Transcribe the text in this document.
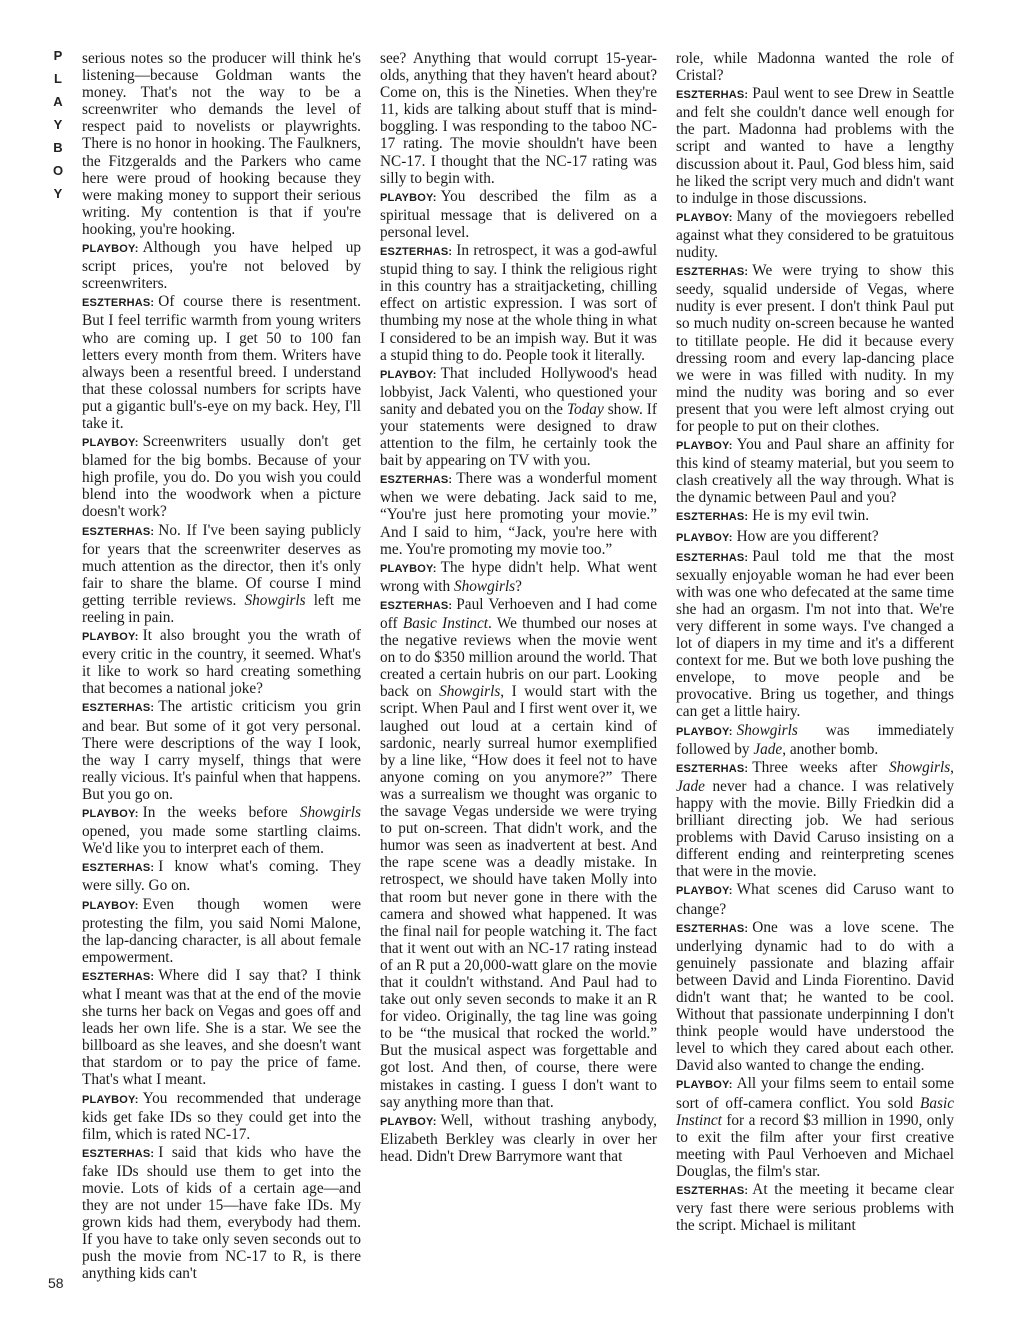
P
L
A
Y
B
O
Y

serious notes so the producer will think he's listening—because Goldman wants the money. That's not the way to be a screenwriter who demands the level of respect paid to novelists or playwrights. There is no honor in hooking. The Faulkners, the Fitzgeralds and the Parkers who came here were proud of hooking because they were making money to support their serious writing. My contention is that if you're hooking, you're hooking.

PLAYBOY: Although you have helped up script prices, you're not beloved by screenwriters.

ESZTERHAS: Of course there is resentment. But I feel terrific warmth from young writers who are coming up. I get 50 to 100 fan letters every month from them. Writers have always been a resentful breed. I understand that these colossal numbers for scripts have put a gigantic bull's-eye on my back. Hey, I'll take it.

PLAYBOY: Screenwriters usually don't get blamed for the big bombs. Because of your high profile, you do. Do you wish you could blend into the woodwork when a picture doesn't work?

ESZTERHAS: No. If I've been saying publicly for years that the screenwriter deserves as much attention as the director, then it's only fair to share the blame. Of course I mind getting terrible reviews. Showgirls left me reeling in pain.

PLAYBOY: It also brought you the wrath of every critic in the country, it seemed. What's it like to work so hard creating something that becomes a national joke?

ESZTERHAS: The artistic criticism you grin and bear. But some of it got very personal. There were descriptions of the way I look, the way I carry myself, things that were really vicious. It's painful when that happens. But you go on.

PLAYBOY: In the weeks before Showgirls opened, you made some startling claims. We'd like you to interpret each of them.

ESZTERHAS: I know what's coming. They were silly. Go on.

PLAYBOY: Even though women were protesting the film, you said Nomi Malone, the lap-dancing character, is all about female empowerment.

ESZTERHAS: Where did I say that? I think what I meant was that at the end of the movie she turns her back on Vegas and goes off and leads her own life. She is a star. We see the billboard as she leaves, and she doesn't want that stardom or to pay the price of fame. That's what I meant.

PLAYBOY: You recommended that underage kids get fake IDs so they could get into the film, which is rated NC-17.

ESZTERHAS: I said that kids who have the fake IDs should use them to get into the movie. Lots of kids of a certain age—and they are not under 15—have fake IDs. My grown kids had them, everybody had them. If you have to take only seven seconds out to push the movie from NC-17 to R, is there anything kids can't

see? Anything that would corrupt 15-year-olds, anything that they haven't heard about? Come on, this is the Nineties. When they're 11, kids are talking about stuff that is mind-boggling. I was responding to the taboo NC-17 rating. The movie shouldn't have been NC-17. I thought that the NC-17 rating was silly to begin with.

PLAYBOY: You described the film as a spiritual message that is delivered on a personal level.

ESZTERHAS: In retrospect, it was a god-awful stupid thing to say. I think the religious right in this country has a straitjacketing, chilling effect on artistic expression. I was sort of thumbing my nose at the whole thing in what I considered to be an impish way. But it was a stupid thing to do. People took it literally.

PLAYBOY: That included Hollywood's head lobbyist, Jack Valenti, who questioned your sanity and debated you on the Today show. If your statements were designed to draw attention to the film, he certainly took the bait by appearing on TV with you.

ESZTERHAS: There was a wonderful moment when we were debating. Jack said to me, “You're just here promoting your movie.” And I said to him, “Jack, you're here with me. You're promoting my movie too.”

PLAYBOY: The hype didn't help. What went wrong with Showgirls?

ESZTERHAS: Paul Verhoeven and I had come off Basic Instinct. We thumbed our noses at the negative reviews when the movie went on to do $350 million around the world. That created a certain hubris on our part. Looking back on Showgirls, I would start with the script. When Paul and I first went over it, we laughed out loud at a certain kind of sardonic, nearly surreal humor exemplified by a line like, “How does it feel not to have anyone coming on you anymore?” There was a surrealism we thought was organic to the savage Vegas underside we were trying to put on-screen. That didn't work, and the humor was seen as inadvertent at best. And the rape scene was a deadly mistake. In retrospect, we should have taken Molly into that room but never gone in there with the camera and showed what happened. It was the final nail for people watching it. The fact that it went out with an NC-17 rating instead of an R put a 20,000-watt glare on the movie that it couldn't withstand. And Paul had to take out only seven seconds to make it an R for video. Originally, the tag line was going to be “the musical that rocked the world.” But the musical aspect was forgettable and got lost. And then, of course, there were mistakes in casting. I guess I don't want to say anything more than that.

PLAYBOY: Well, without trashing anybody, Elizabeth Berkley was clearly in over her head. Didn't Drew Barrymore want that

role, while Madonna wanted the role of Cristal?

ESZTERHAS: Paul went to see Drew in Seattle and felt she couldn't dance well enough for the part. Madonna had problems with the script and wanted to have a lengthy discussion about it. Paul, God bless him, said he liked the script very much and didn't want to indulge in those discussions.

PLAYBOY: Many of the moviegoers rebelled against what they considered to be gratuitous nudity.

ESZTERHAS: We were trying to show this seedy, squalid underside of Vegas, where nudity is ever present. I don't think Paul put so much nudity on-screen because he wanted to titillate people. He did it because every dressing room and every lap-dancing place we were in was filled with nudity. In my mind the nudity was boring and so ever present that you were left almost crying out for people to put on their clothes.

PLAYBOY: You and Paul share an affinity for this kind of steamy material, but you seem to clash creatively all the way through. What is the dynamic between Paul and you?

ESZTERHAS: He is my evil twin.

PLAYBOY: How are you different?

ESZTERHAS: Paul told me that the most sexually enjoyable woman he had ever been with was one who defecated at the same time she had an orgasm. I'm not into that. We're very different in some ways. I've changed a lot of diapers in my time and it's a different context for me. But we both love pushing the envelope, to move people and be provocative. Bring us together, and things can get a little hairy.

PLAYBOY: Showgirls was immediately followed by Jade, another bomb.

ESZTERHAS: Three weeks after Showgirls, Jade never had a chance. I was relatively happy with the movie. Billy Friedkin did a brilliant directing job. We had serious problems with David Caruso insisting on a different ending and reinterpreting scenes that were in the movie.

PLAYBOY: What scenes did Caruso want to change?

ESZTERHAS: One was a love scene. The underlying dynamic had to do with a genuinely passionate and blazing affair between David and Linda Fiorentino. David didn't want that; he wanted to be cool. Without that passionate underpinning I don't think people would have understood the level to which they cared about each other. David also wanted to change the ending.

PLAYBOY: All your films seem to entail some sort of off-camera conflict. You sold Basic Instinct for a record $3 million in 1990, only to exit the film after your first creative meeting with Paul Verhoeven and Michael Douglas, the film's star.

ESZTERHAS: At the meeting it became clear very fast there were serious problems with the script. Michael is militant

58
